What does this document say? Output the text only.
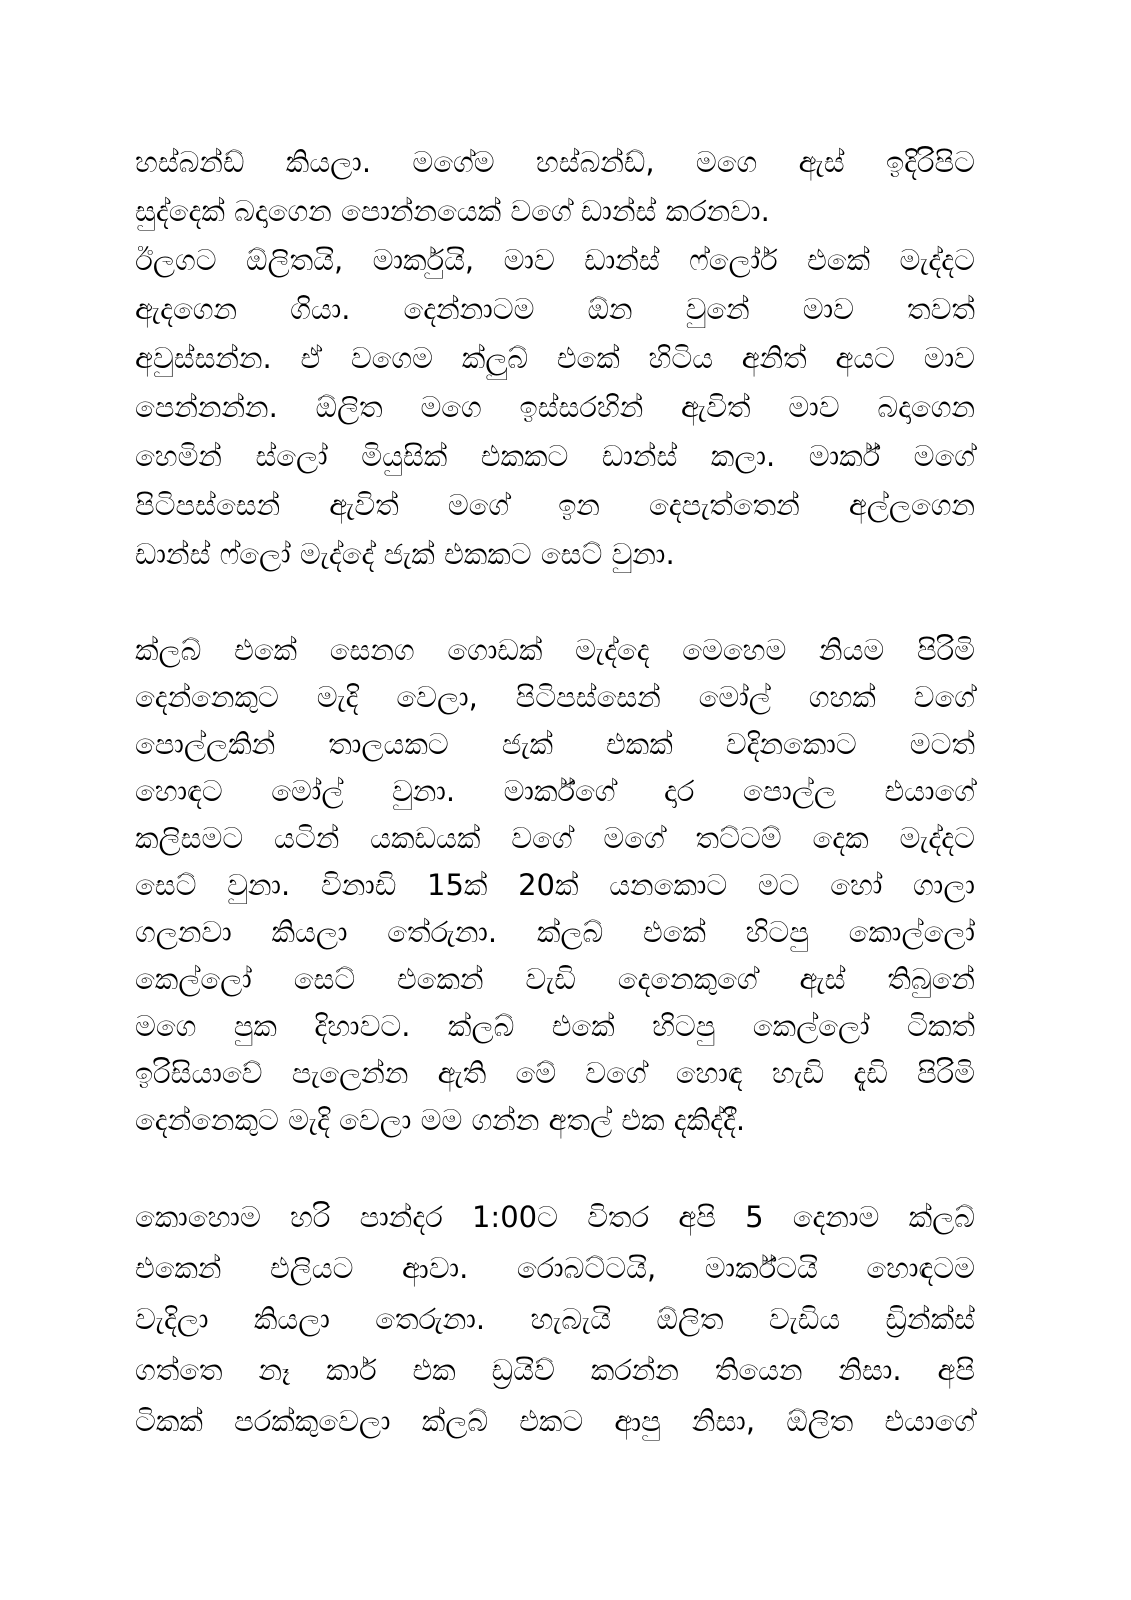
හස්බන්ඩ් කියලා. මගේම හස්බන්ඩ්, මගෙ ඇස් ඉදිරිපිට
සුද්දෙක් බදාගෙන පොන්නයෙක් වගේ ඩාන්ස් කරනවා.
ඊලගට ඕලිතයි, මාර්කුයි, මාව ඩාන්ස් ෆ්ලෝර් එකේ මැද්දට
ඇදගෙන ගියා. දෙන්නාටම ඕන වුනේ මාව තවත්
අවුස්සන්න. ඒ වගෙම ක්ලුබ් එකේ හිටිය අනිත් අයට මාව
පෙන්නන්න. ඕලිත මගෙ ඉස්සරහින් ඇවිත් මාව බදාගෙන
හෙමින් ස්ලෝ මියුසික් එකකට ඩාන්ස් කලා. මාර්ක් මගේ
පිටිපස්සෙන් ඇවිත් මගේ ඉන දෙපැත්තෙන් අල්ලගෙන
ඩාන්ස් ෆ්ලෝ මැද්දේ ජැක් එකකට සෙට් වුනා.
ක්ලබ් එකේ සෙනග ගොඩක් මැද්දෙ මෙහෙම නියම පිරිමි
දෙන්නෙකුට මැදි වෙලා, පිටිපස්සෙන් මෝල් ගහක් වගේ
පොල්ලකින් තාලයකට ජැක් එකක් වදිනකොට මටත්
හොඳට මෝල් වුනා. මාර්ක්ගේ දාර පොල්ල එයාගේ
කලිසමට යටින් යකඩයක් වගේ මගේ තට්ටම් දෙක මැද්දට
සෙට් වුනා. විනාඩි 15ක් 20ක් යනකොට මට හෝ ගාලා
ගලනවා කියලා තේරුනා. ක්ලබ් එකේ හිටපු කොල්ලෝ
කෙල්ලෝ සෙට් එකෙන් වැඩි දෙනෙකුගේ ඇස් තිබුනේ
මගෙ පුක දිහාවට. ක්ලබ් එකේ හිටපු කෙල්ලෝ ටිකත්
ඉරිසියාවේ පැලෙන්න ඇති මේ වගේ හොඳ හැඩි දැඩි පිරිමි
දෙන්නෙකුට මැදි වෙලා මම ගන්න අතල් එක දකිද්දී.
කොහොම හරි පාන්දර 1:00ට විතර අපි 5 දෙනාම ක්ලබ්
එකෙන් එලියට ආවා. රොබට්ටයි, මාර්ක්ටයි හොඳටම
වැදිලා කියලා තෙරුනා. හැබැයි ඕලිත වැඩිය ඩ්‍රින්ක්ස්
ගත්තෙ නෑ කාර් එක ඩ්‍රයිව් කරන්න තියෙන නිසා. අපි
ටිකක් පරක්කුවෙලා ක්ලබ් එකට ආපු නිසා, ඕලිත එයාගේ
